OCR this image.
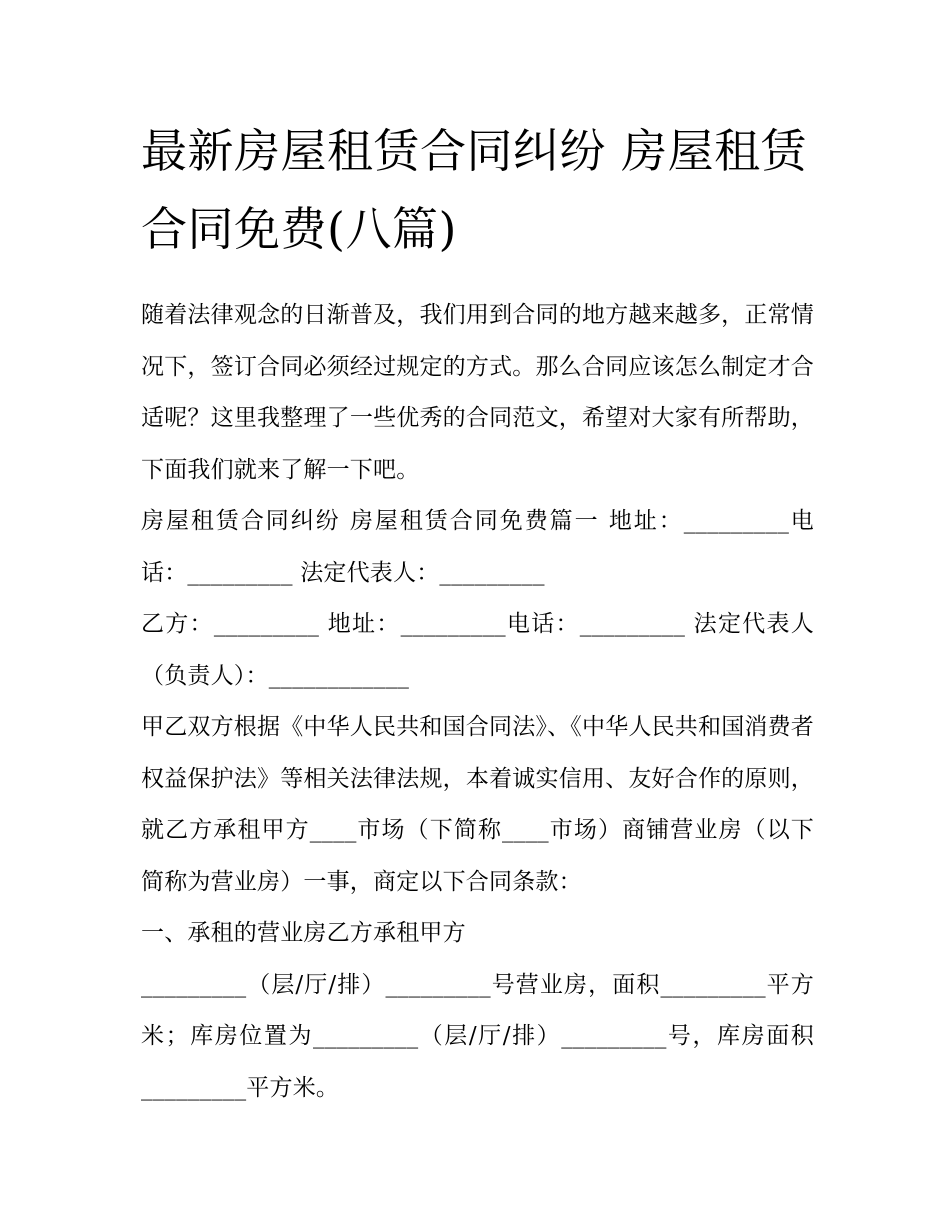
最新房屋租赁合同纠纷 房屋租赁合同免费(八篇)

随着法律观念的日渐普及，我们用到合同的地方越来越多，正常情况下，签订合同必须经过规定的方式。那么合同应该怎么制定才合适呢？这里我整理了一些优秀的合同范文，希望对大家有所帮助，下面我们就来了解一下吧。

房屋租赁合同纠纷 房屋租赁合同免费篇一 地址：_________电话：_________ 法定代表人：_________

乙方：_________ 地址：_________电话：_________ 法定代表人（负责人）：____________

甲乙双方根据《中华人民共和国合同法》、《中华人民共和国消费者权益保护法》等相关法律法规，本着诚实信用、友好合作的原则，就乙方承租甲方____市场（下简称____市场）商铺营业房（以下简称为营业房）一事，商定以下合同条款：

一、承租的营业房乙方承租甲方

_________（层/厅/排）_________号营业房，面积_________平方米；库房位置为_________（层/厅/排）_________号，库房面积_________平方米。
